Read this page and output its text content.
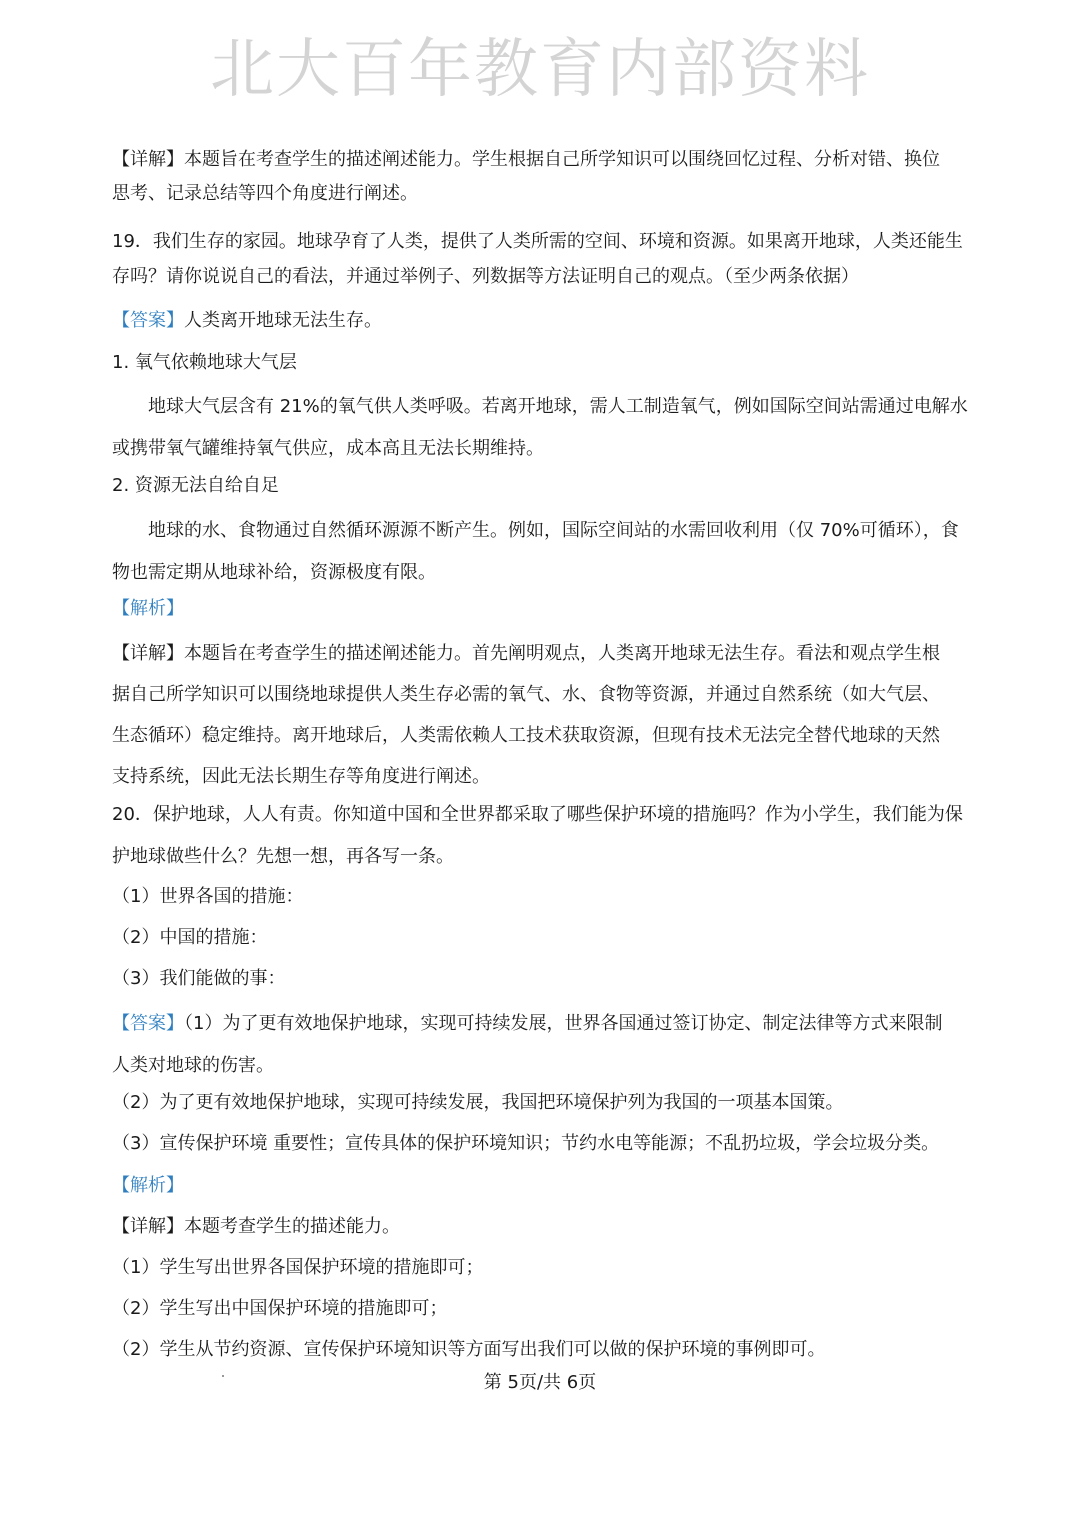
北大百年教育内部资料
【详解】本题旨在考查学生的描述阐述能力。学生根据自己所学知识可以围绕回忆过程、分析对错、换位
思考、记录总结等四个角度进行阐述。
19．我们生存的家园。地球孕育了人类，提供了人类所需的空间、环境和资源。如果离开地球，人类还能生
存吗？请你说说自己的看法，并通过举例子、列数据等方法证明自己的观点。（至少两条依据）
【答案】人类离开地球无法生存。
1. 氧气依赖地球大气层
地球大气层含有 21%的氧气供人类呼吸。若离开地球，需人工制造氧气，例如国际空间站需通过电解水
或携带氧气罐维持氧气供应，成本高且无法长期维持。
2. 资源无法自给自足
地球的水、食物通过自然循环源源不断产生。例如，国际空间站的水需回收利用（仅 70%可循环），食
物也需定期从地球补给，资源极度有限。
【解析】
【详解】本题旨在考查学生的描述阐述能力。首先阐明观点，人类离开地球无法生存。看法和观点学生根
据自己所学知识可以围绕地球提供人类生存必需的氧气、水、食物等资源，并通过自然系统（如大气层、
生态循环）稳定维持。离开地球后，人类需依赖人工技术获取资源，但现有技术无法完全替代地球的天然
支持系统，因此无法长期生存等角度进行阐述。
20．保护地球，人人有责。你知道中国和全世界都采取了哪些保护环境的措施吗？作为小学生，我们能为保
护地球做些什么？先想一想，再各写一条。
（1）世界各国的措施：
（2）中国的措施：
（3）我们能做的事：
【答案】（1）为了更有效地保护地球，实现可持续发展，世界各国通过签订协定、制定法律等方式来限制
人类对地球的伤害。
（2）为了更有效地保护地球，实现可持续发展，我国把环境保护列为我国的一项基本国策。
（3）宣传保护环境 重要性；宣传具体的保护环境知识；节约水电等能源；不乱扔垃圾，学会垃圾分类。
【解析】
【详解】本题考查学生的描述能力。
（1）学生写出世界各国保护环境的措施即可；
（2）学生写出中国保护环境的措施即可；
（2）学生从节约资源、宣传保护环境知识等方面写出我们可以做的保护环境的事例即可。
第 5页/共 6页
